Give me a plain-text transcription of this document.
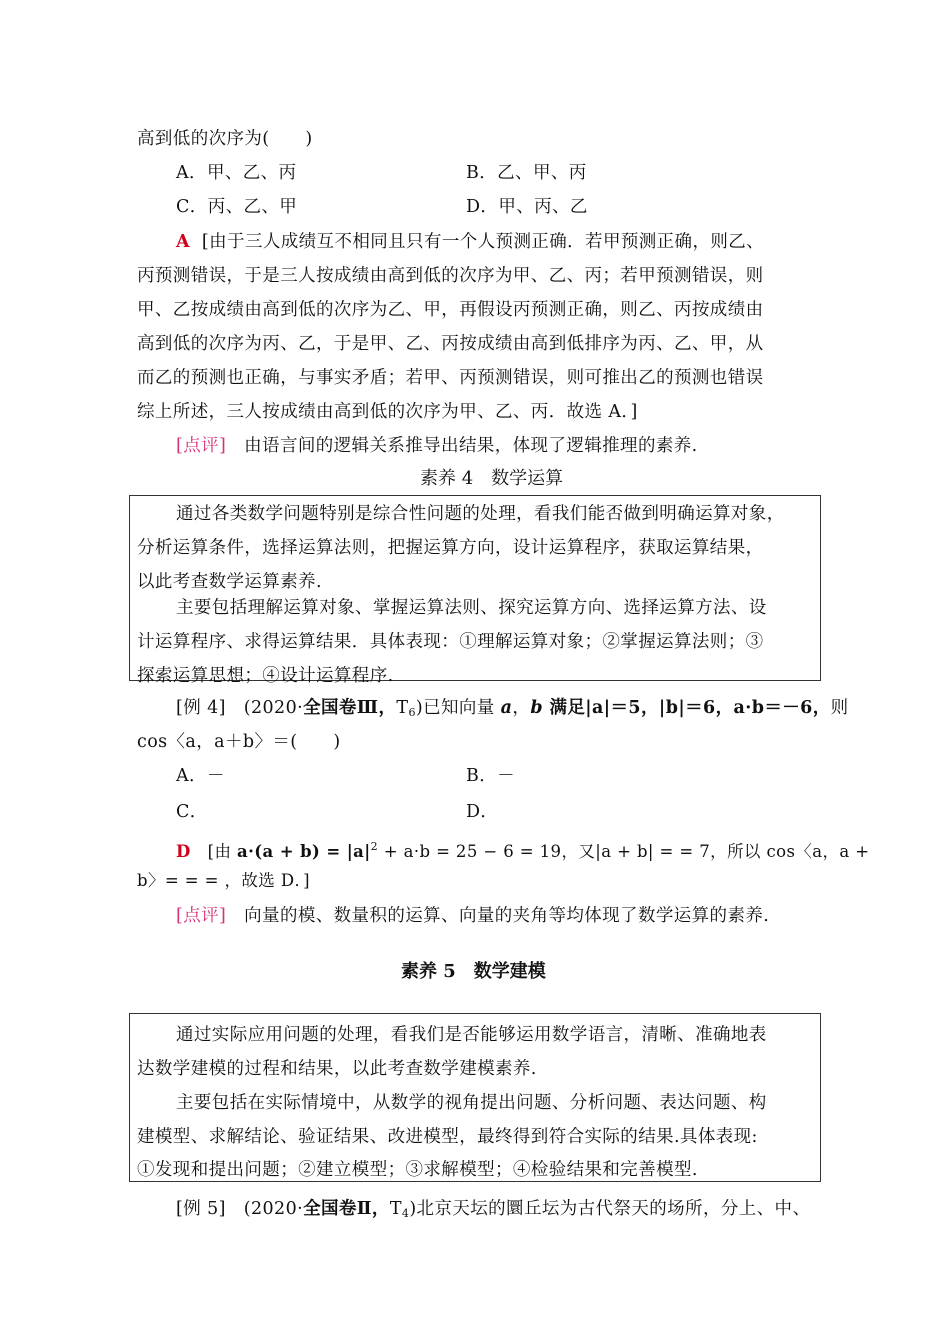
高到低的次序为(　　)
A．甲、乙、丙	B．乙、甲、丙
C．丙、乙、甲	D．甲、丙、乙
A [由于三人成绩互不相同且只有一个人预测正确．若甲预测正确，则乙、
丙预测错误，于是三人按成绩由高到低的次序为甲、乙、丙；若甲预测错误，则
甲、乙按成绩由高到低的次序为乙、甲，再假设丙预测正确，则乙、丙按成绩由
高到低的次序为丙、乙，于是甲、乙、丙按成绩由高到低排序为丙、乙、甲，从
而乙的预测也正确，与事实矛盾；若甲、丙预测错误，则可推出乙的预测也错误
综上所述，三人按成绩由高到低的次序为甲、乙、丙．故选 A．]
[点评] 由语言间的逻辑关系推导出结果，体现了逻辑推理的素养.
素养 4　数学运算
通过各类数学问题特别是综合性问题的处理，看我们能否做到明确运算对象，
分析运算条件，选择运算法则，把握运算方向，设计运算程序，获取运算结果，
以此考查数学运算素养.
主要包括理解运算对象、掌握运算法则、探究运算方向、选择运算方法、设
计运算程序、求得运算结果．具体表现：①理解运算对象；②掌握运算法则；③
探索运算思想；④设计运算程序.
[例 4] (2020·全国卷Ⅲ，$T_6$)已知向量 a，b 满足|a|＝5，|b|＝6，a·b＝－6，则
cos〈a，a＋b〉＝(　　)
A．－	B．－
C．	D．
D [由 $a\cdot(a + b) = |a|^2 + a\cdot b = 25 - 6 = 19$，又|a + b| = = 7，所以 cos〈a，a +
b〉= = = ，故选 D．]
[点评] 向量的模、数量积的运算、向量的夹角等均体现了数学运算的素养.
素养 5　数学建模
通过实际应用问题的处理，看我们是否能够运用数学语言，清晰、准确地表
达数学建模的过程和结果，以此考查数学建模素养.
主要包括在实际情境中，从数学的视角提出问题、分析问题、表达问题、构
建模型、求解结论、验证结果、改进模型，最终得到符合实际的结果.具体表现:
①发现和提出问题；②建立模型；③求解模型；④检验结果和完善模型.
[例 5] (2020·全国卷Ⅱ，$T_4$)北京天坛的圜丘坛为古代祭天的场所，分上、中、
